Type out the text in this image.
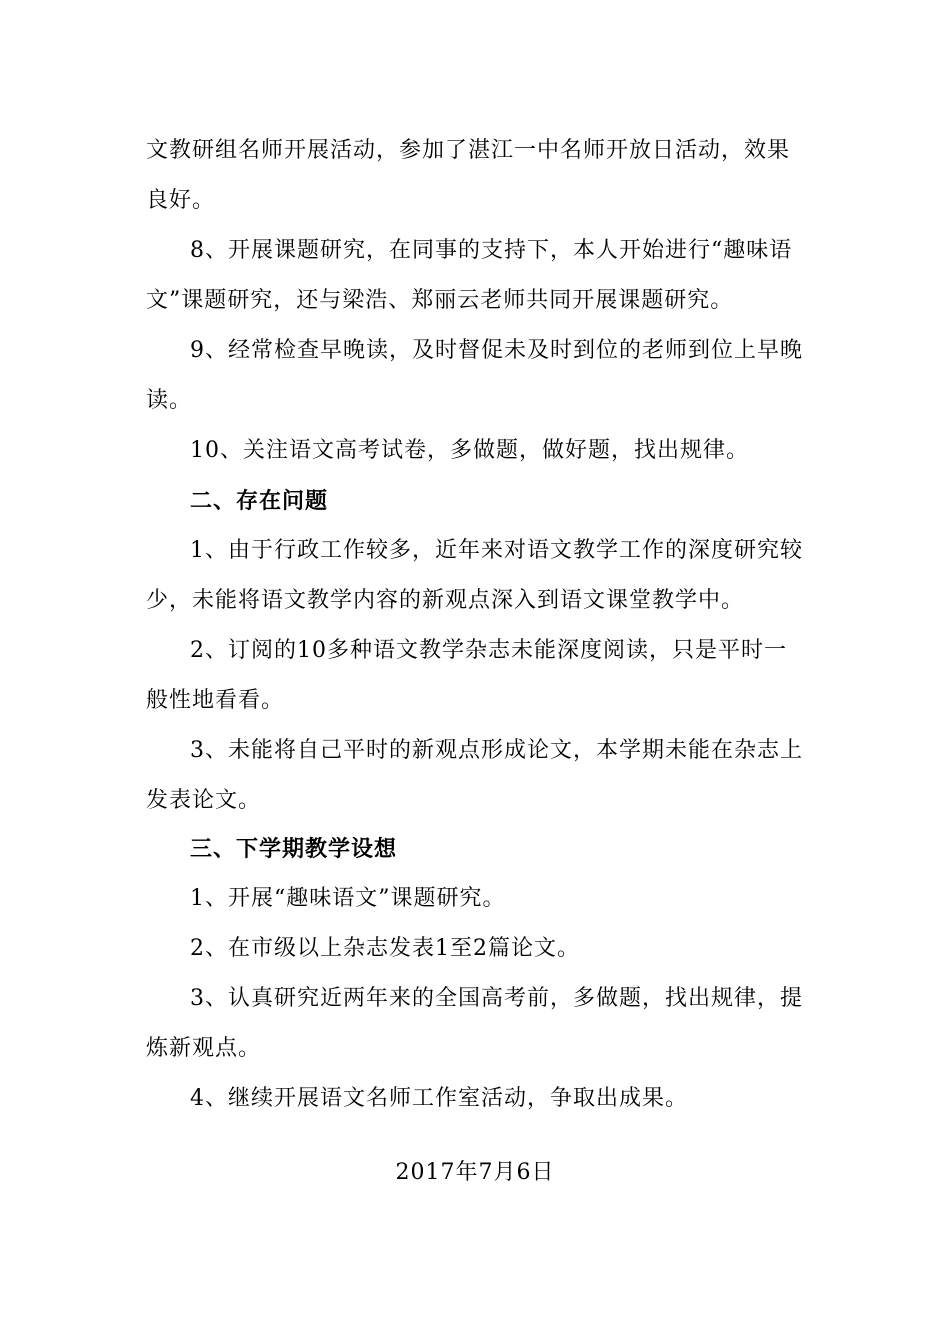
文教研组名师开展活动，参加了湛江一中名师开放日活动，效果良好。

8、开展课题研究，在同事的支持下，本人开始进行“趣味语文”课题研究，还与梁浩、郑丽云老师共同开展课题研究。

9、经常检查早晚读，及时督促未及时到位的老师到位上早晚读。

10、关注语文高考试卷，多做题，做好题，找出规律。

二、存在问题

1、由于行政工作较多，近年来对语文教学工作的深度研究较少，未能将语文教学内容的新观点深入到语文课堂教学中。

2、订阅的10多种语文教学杂志未能深度阅读，只是平时一般性地看看。

3、未能将自己平时的新观点形成论文，本学期未能在杂志上发表论文。

三、下学期教学设想

1、开展“趣味语文”课题研究。

2、在市级以上杂志发表1至2篇论文。

3、认真研究近两年来的全国高考前，多做题，找出规律，提炼新观点。

4、继续开展语文名师工作室活动，争取出成果。

2017年7月6日
